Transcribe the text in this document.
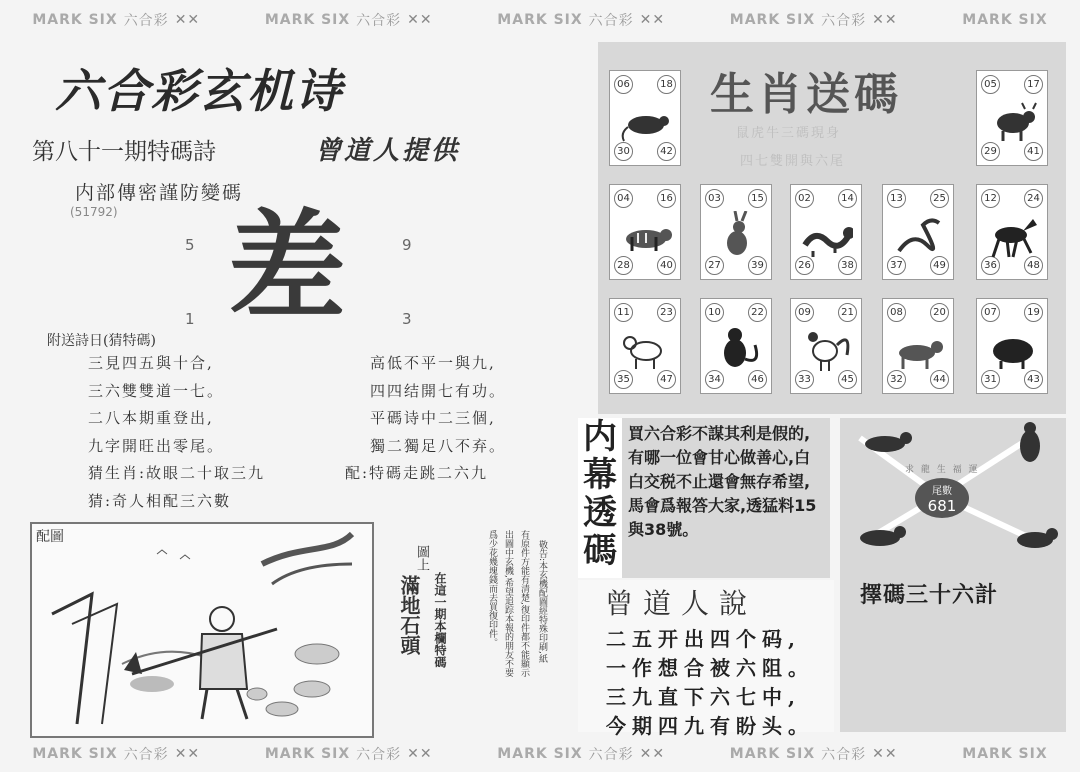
MARK SIX 六合彩 ✕✕	MARK SIX 六合彩 ✕✕	MARK SIX 六合彩 ✕✕	MARK SIX 六合彩 ✕✕	MARK SIX
六合彩玄机诗
第八十一期特碼詩	曾道人提供
内部傳密謹防變碼
(51792)
5	9
1	3
差
附送詩日(猜特碼)
三見四五與十合,
三六雙雙道一七。
二八本期重登出,
九字開旺出零尾。
猜生肖:故眼二十取三九
猜:奇人相配三六數
高低不平一與九,
四四结開七有功。
平碼诗中二三個,
獨二獨足八不弃。
配:特碼走跳二六九
配圖
圖上
滿地石頭 在這一期本欄特碼	敬告:本玄機配圖經特殊印刷,紙
有原件方能有清楚,復印件都不能顯示
出圖中玄機,希望追踪本報的朋友不要
爲少花幾塊錢而去買復印件。
生肖送碼
鼠虎牛三碼現身
四七雙開與六尾
06	18
30	42
05	17
29	41
04	16
28	40
03	15
27	39
02	14
26	38
13	25
37	49
12	24
36	48
11	23
35	47
10	22
34	46
09	21
33	45
08	20
32	44
07	19
31	43
内幕透碼
買六合彩不謀其利是假的,有哪一位會甘心做善心,白白交税不止還會無存希望,馬會爲報答大家,透猛料15與38號。
尾數
681
求 龍 生 福 運
擇碼三十六計
曾道人說
二五开出四个码,
一作想合被六阻。
三九直下六七中,
今期四九有盼头。
MARK SIX 六合彩 ✕✕	MARK SIX 六合彩 ✕✕	MARK SIX 六合彩 ✕✕	MARK SIX 六合彩 ✕✕	MARK SIX
